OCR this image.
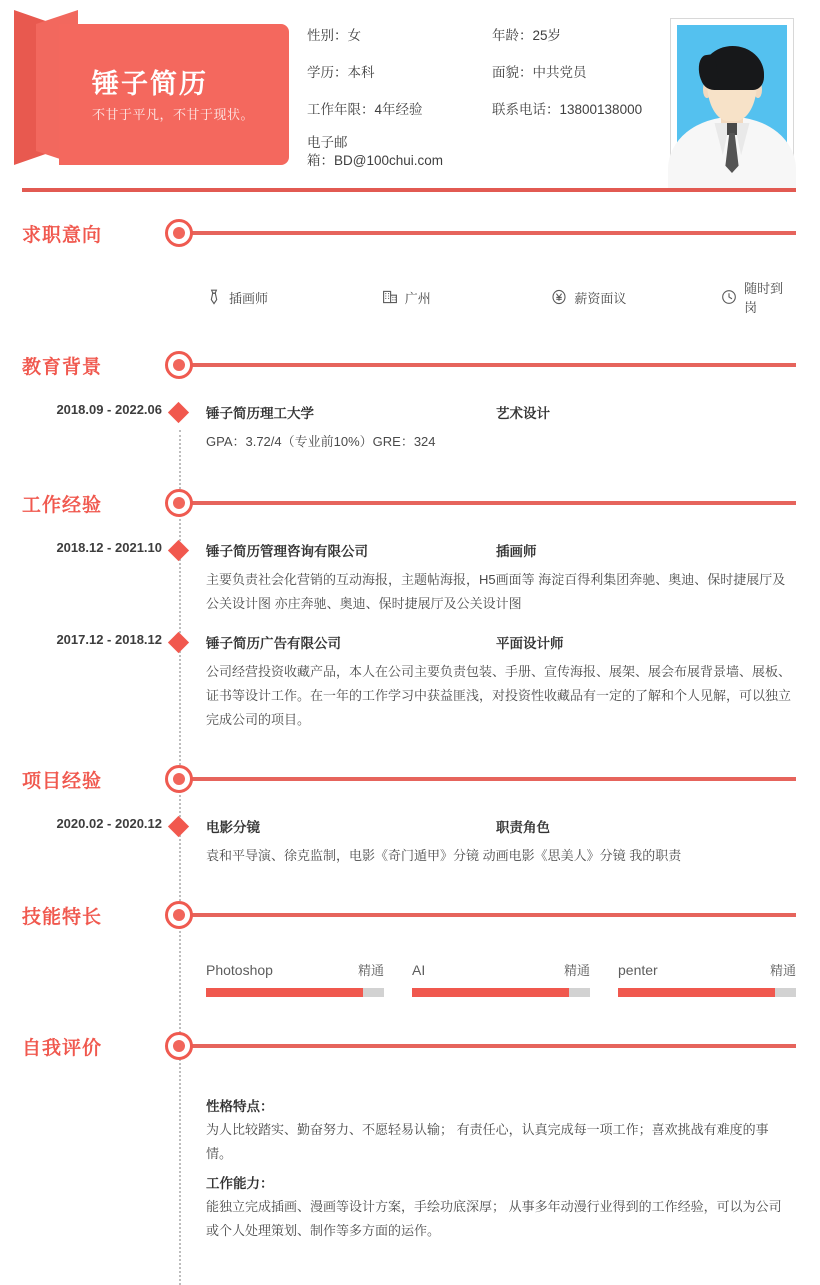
锤子简历
不甘于平凡，不甘于现状。
性别：女	年龄：25岁
学历：本科	面貌：中共党员
工作年限：4年经验	联系电话：13800138000
电子邮
箱：BD@100chui.com
求职意向
插画师	广州	薪资面议
随时到岗
教育背景
2018.09 - 2022.06	锤子简历理工大学	艺术设计
GPA：3.72/4（专业前10%）GRE：324
工作经验
2018.12 - 2021.10	锤子简历管理咨询有限公司	插画师
主要负责社会化营销的互动海报，主题帖海报，H5画面等 海淀百得利集团奔驰、奥迪、保时捷展厅及公关设计图 亦庄奔驰、奥迪、保时捷展厅及公关设计图
2017.12 - 2018.12	锤子简历广告有限公司	平面设计师
公司经营投资收藏产品，本人在公司主要负责包装、手册、宣传海报、展架、展会布展背景墙、展板、证书等设计工作。在一年的工作学习中获益匪浅，对投资性收藏品有一定的了解和个人见解，可以独立完成公司的项目。
项目经验
2020.02 - 2020.12	电影分镜	职责角色
袁和平导演、徐克监制，电影《奇门遁甲》分镜 动画电影《思美人》分镜 我的职责
技能特长
Photoshop	精通 AI	精通 penter	精通
自我评价
性格特点：
为人比较踏实、勤奋努力、不愿轻易认输； 有责任心，认真完成每一项工作；喜欢挑战有难度的事情。
工作能力：
能独立完成插画、漫画等设计方案，手绘功底深厚； 从事多年动漫行业得到的工作经验，可以为公司或个人处理策划、制作等多方面的运作。
